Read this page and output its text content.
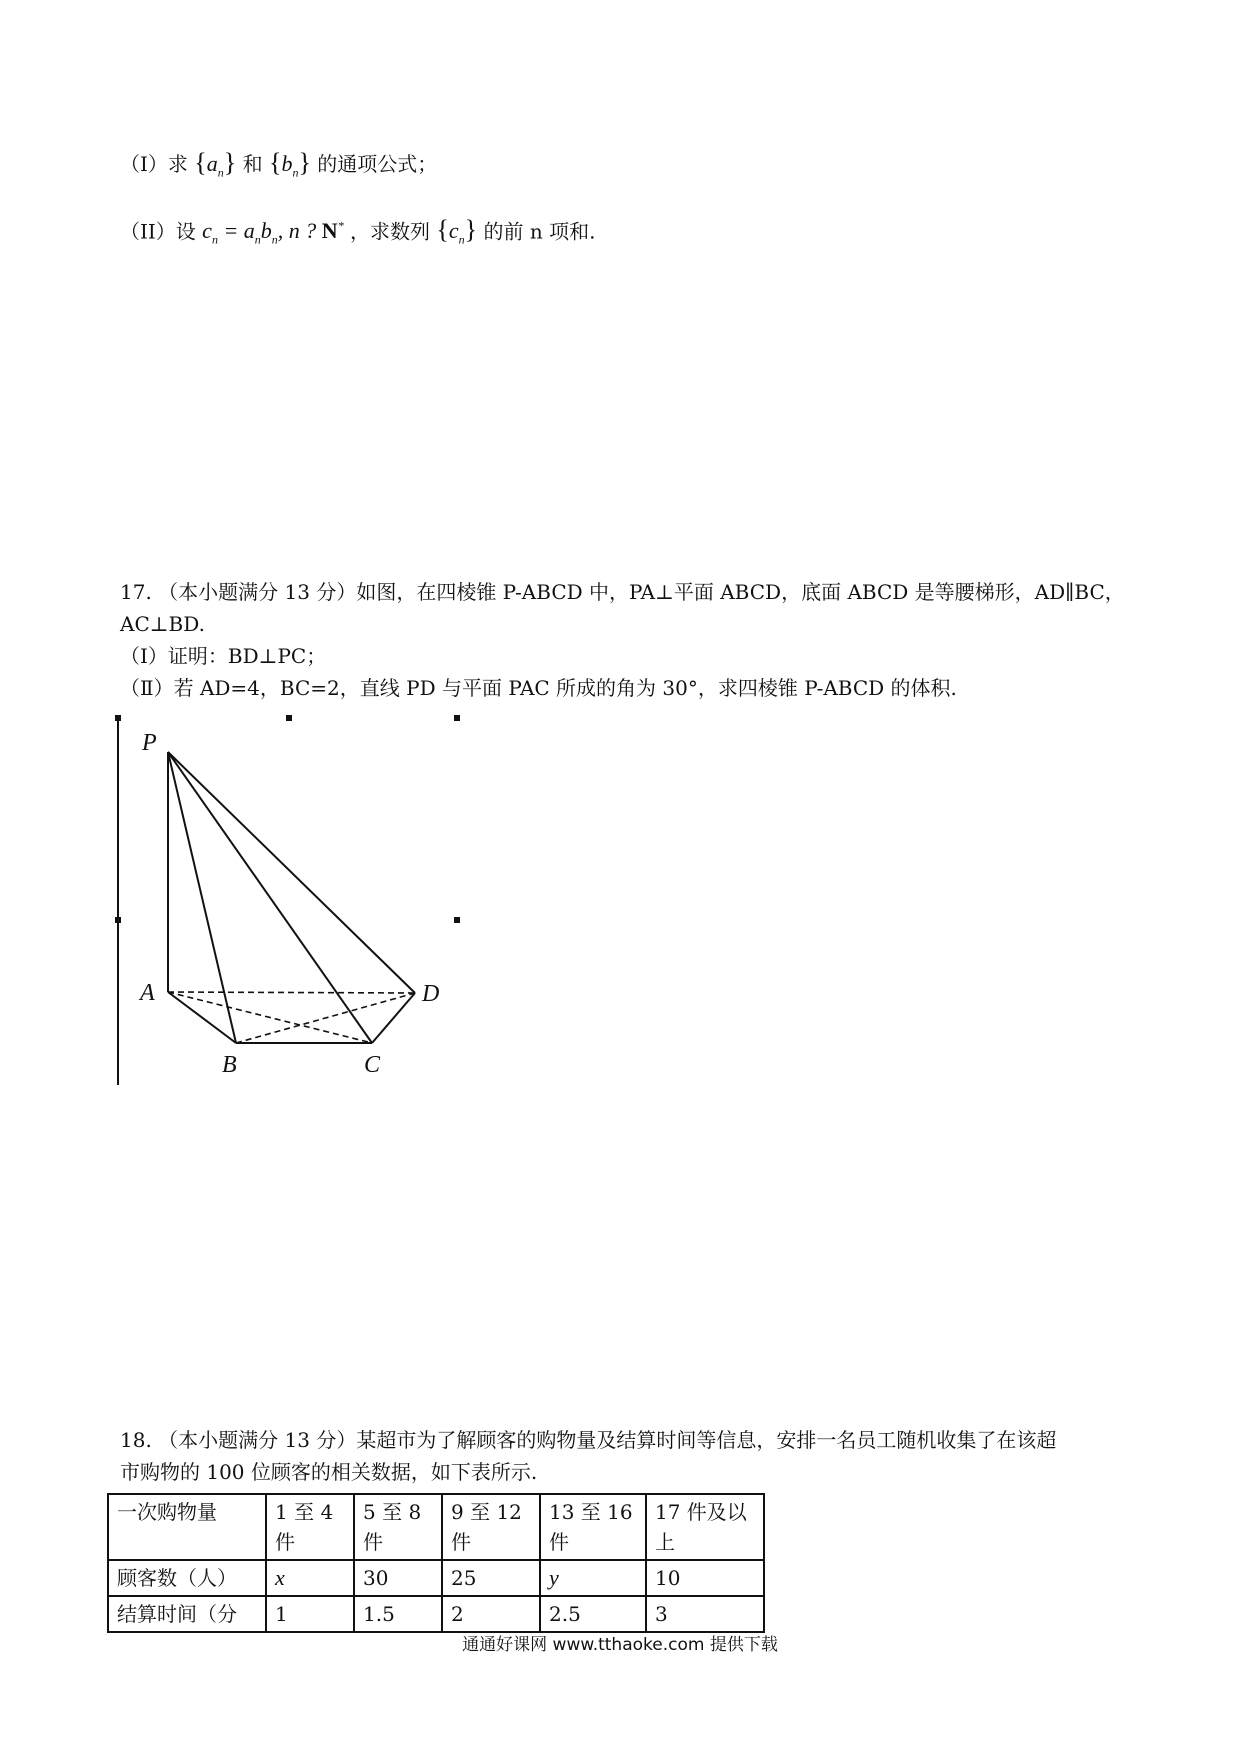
（I）求 $\{a_n\}$ 和 $\{b_n\}$ 的通项公式；
（II）设 $c_n = a_nb_n$, n ? N* ，求数列 $\{c_n\}$ 的前 n 项和.
17. （本小题满分 13 分）如图，在四棱锥 P-ABCD 中，PA⊥平面 ABCD，底面 ABCD 是等腰梯形，AD∥BC，
AC⊥BD.
（Ⅰ）证明：BD⊥PC；
（Ⅱ）若 AD=4，BC=2，直线 PD 与平面 PAC 所成的角为 30°，求四棱锥 P-ABCD 的体积.
P
A
B	C
D
18. （本小题满分 13 分）某超市为了解顾客的购物量及结算时间等信息，安排一名员工随机收集了在该超
市购物的 100 位顾客的相关数据，如下表所示.
一次购物量	1 至 4 件	5 至 8 件	9 至 12 件	13 至 16 件	17 件及以上
顾客数（人）	x	30	25	y	10
结算时间（分	1	1.5	2	2.5	3
通通好课网 www.tthaoke.com 提供下载
